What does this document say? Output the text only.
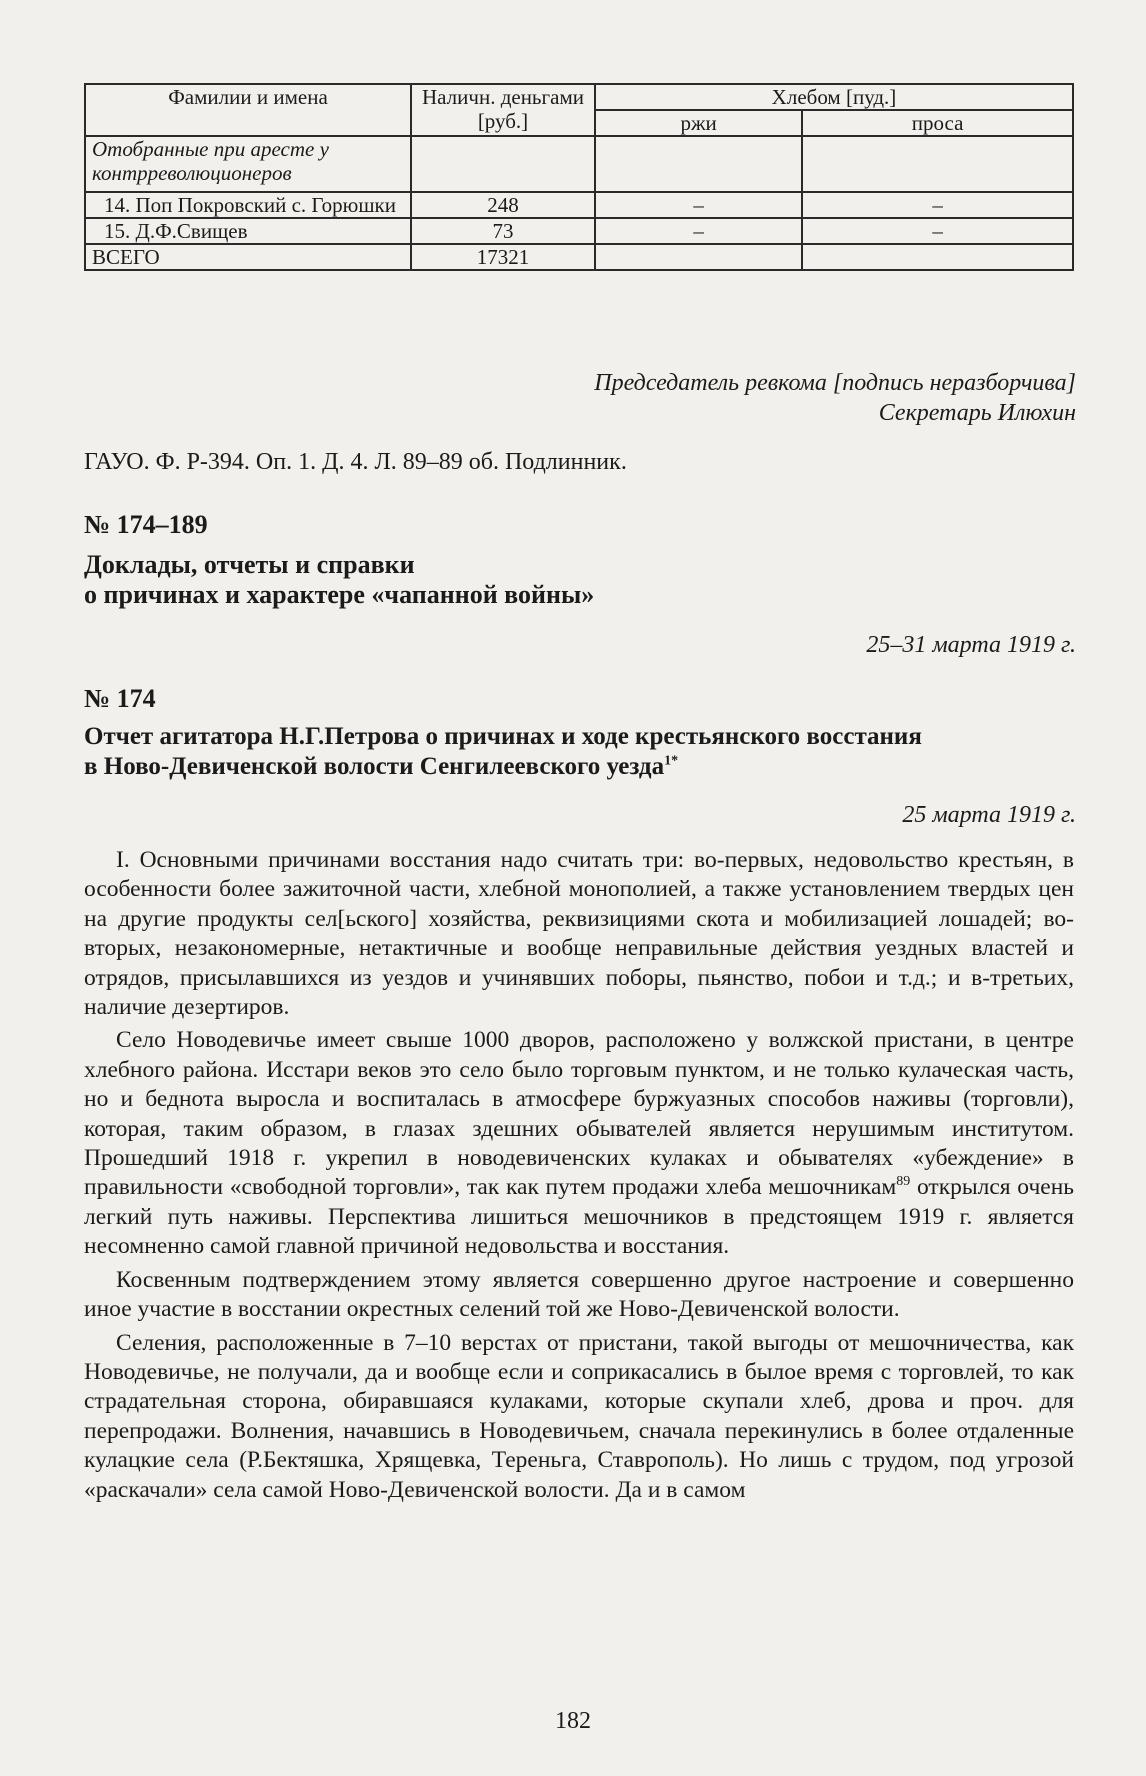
Фамилии и имена	Наличн. деньгами [руб.]	Хлебом [пуд.]	
		ржи	проса
Отобранные при аресте у контрреволюционеров			
14. Поп Покровский с. Горюшки	248	–	–
15. Д.Ф.Свищев	73	–	–
ВСЕГО	17321		
Председатель ревкома [подпись неразборчива]
Секретарь Илюхин
ГАУО. Ф. Р-394. Оп. 1. Д. 4. Л. 89–89 об. Подлинник.
№ 174–189
Доклады, отчеты и справки
о причинах и характере «чапанной войны»
25–31 марта 1919 г.
№ 174
Отчет агитатора Н.Г.Петрова о причинах и ходе крестьянского восстания
в Ново-Девиченской волости Сенгилеевского уезда$^{1*}$
25 марта 1919 г.

I. Основными причинами восстания надо считать три: во-первых, недовольство крестьян, в особенности более зажиточной части, хлебной монополией, а также установлением твердых цен на другие продукты сел[ьского] хозяйства, реквизициями скота и мобилизацией лошадей; во-вторых, незакономерные, нетактичные и вообще неправильные действия уездных властей и отрядов, присылавшихся из уездов и учинявших поборы, пьянство, побои и т.д.; и в-третьих, наличие дезертиров.

Село Новодевичье имеет свыше 1000 дворов, расположено у волжской пристани, в центре хлебного района. Исстари веков это село было торговым пунктом, и не только кулаческая часть, но и беднота выросла и воспиталась в атмосфере буржуазных способов наживы (торговли), которая, таким образом, в глазах здешних обывателей является нерушимым институтом. Прошедший 1918 г. укрепил в новодевиченских кулаках и обывателях «убеждение» в правильности «свободной торговли», так как путем продажи хлеба мешочникам$^{89}$ открылся очень легкий путь наживы. Перспектива лишиться мешочников в предстоящем 1919 г. является несомненно самой главной причиной недовольства и восстания.

Косвенным подтверждением этому является совершенно другое настроение и совершенно иное участие в восстании окрестных селений той же Ново-Девиченской волости.

Селения, расположенные в 7–10 верстах от пристани, такой выгоды от мешочничества, как Новодевичье, не получали, да и вообще если и соприкасались в былое время с торговлей, то как страдательная сторона, обиравшаяся кулаками, которые скупали хлеб, дрова и проч. для перепродажи. Волнения, начавшись в Новодевичьем, сначала перекинулись в более отдаленные кулацкие села (Р.Бектяшка, Хрящевка, Тереньга, Ставрополь). Но лишь с трудом, под угрозой «раскачали» села самой Ново-Девиченской волости. Да и в самом

182
